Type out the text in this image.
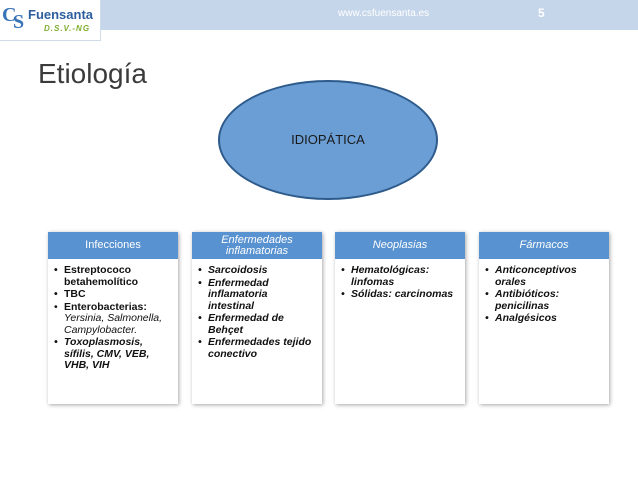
www.csfuensanta.es	5
C
S Fuensanta
D.S.V.-NG
Etiología
IDIOPÁTICA
Infecciones
• Estreptococo betahemolítico
• TBC
• Enterobacterias:
Yersinia, Salmonella, Campylobacter.
• Toxoplasmosis, sífilis, CMV, VEB, VHB, VIH
Enfermedades inflamatorias
• Sarcoidosis
• Enfermedad inflamatoria intestinal
• Enfermedad de Behçet
• Enfermedades tejido conectivo
Neoplasias
• Hematológicas: linfomas
• Sólidas: carcinomas
Fármacos
• Anticonceptivos orales
• Antibióticos: penicilinas
• Analgésicos
